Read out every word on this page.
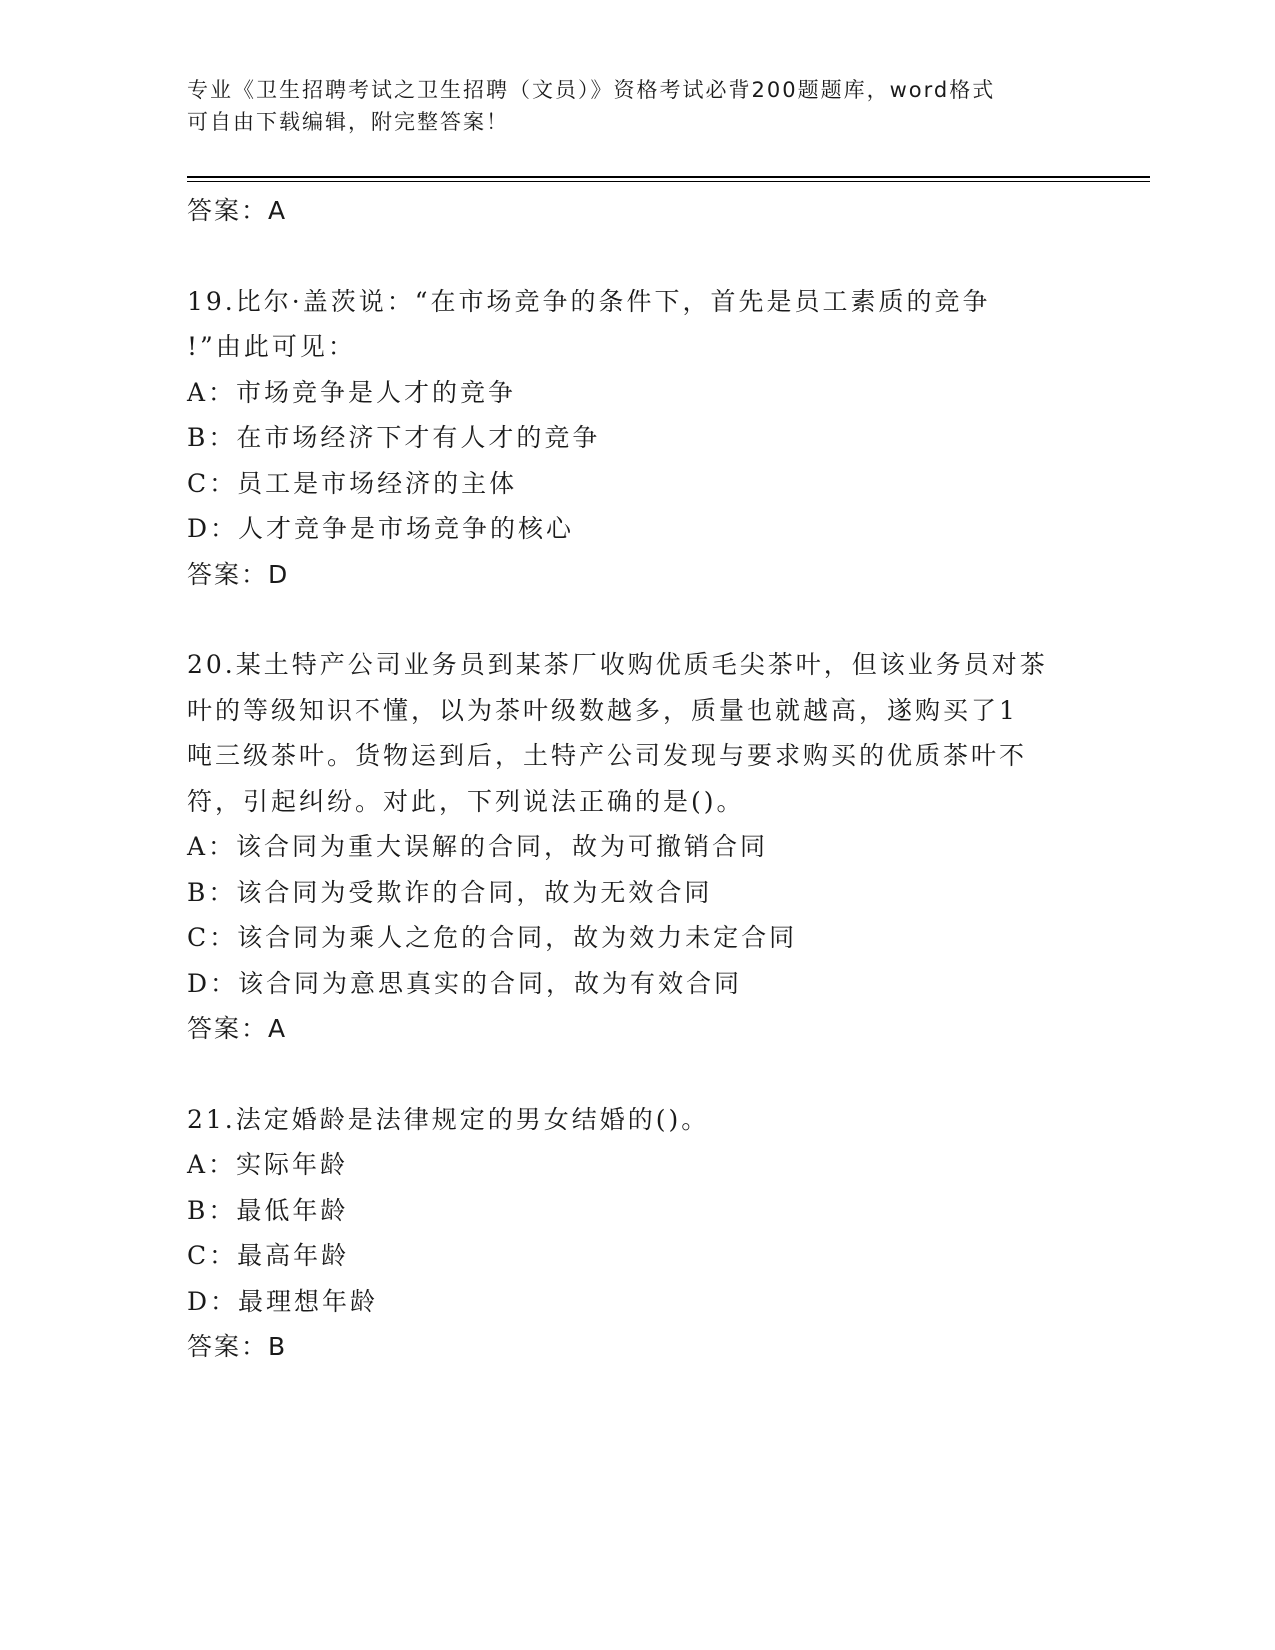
专业《卫生招聘考试之卫生招聘（文员）》资格考试必背200题题库，word格式
可自由下载编辑，附完整答案！
答案：A
19.比尔·盖茨说：“在市场竞争的条件下，首先是员工素质的竞争
!”由此可见：
A：市场竞争是人才的竞争
B：在市场经济下才有人才的竞争
C：员工是市场经济的主体
D：人才竞争是市场竞争的核心
答案：D
20.某土特产公司业务员到某茶厂收购优质毛尖茶叶，但该业务员对茶
叶的等级知识不懂，以为茶叶级数越多，质量也就越高，遂购买了1
吨三级茶叶。货物运到后，土特产公司发现与要求购买的优质茶叶不
符，引起纠纷。对此，下列说法正确的是()。
A：该合同为重大误解的合同，故为可撤销合同
B：该合同为受欺诈的合同，故为无效合同
C：该合同为乘人之危的合同，故为效力未定合同
D：该合同为意思真实的合同，故为有效合同
答案：A
21.法定婚龄是法律规定的男女结婚的()。
A：实际年龄
B：最低年龄
C：最高年龄
D：最理想年龄
答案：B
